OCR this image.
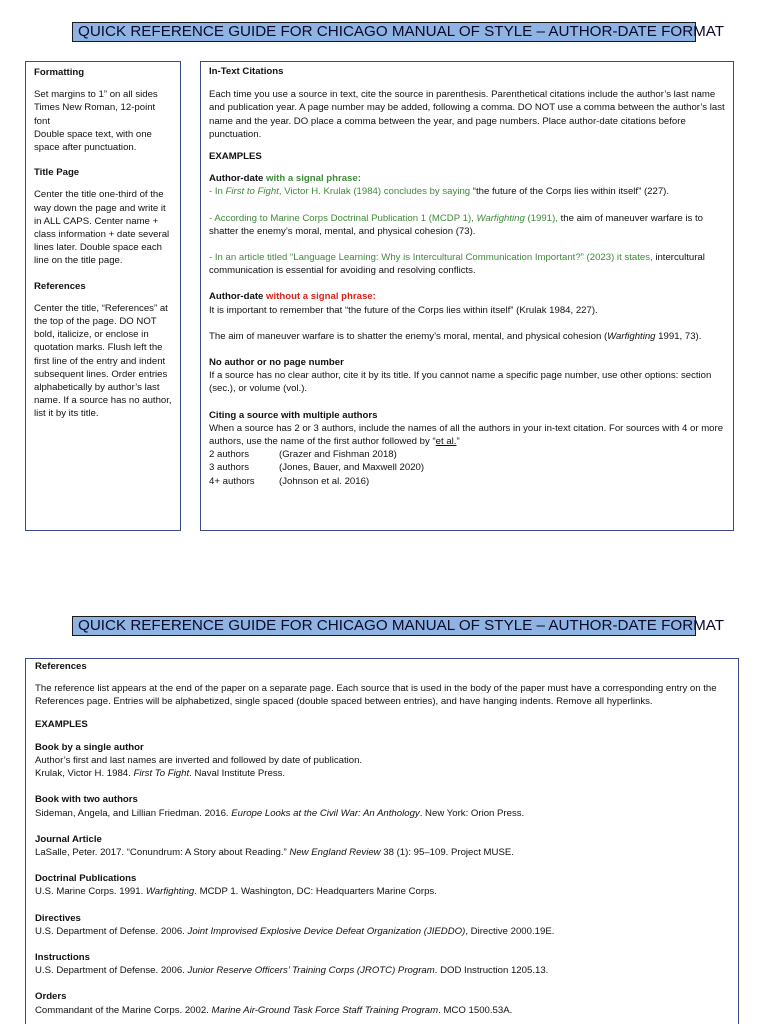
QUICK REFERENCE GUIDE FOR CHICAGO MANUAL OF STYLE – AUTHOR-DATE FORMAT
Formatting
Set margins to 1” on all sides
Times New Roman, 12-point font
Double space text, with one space after punctuation.
Title Page
Center the title one-third of the way down the page and write it in ALL CAPS. Center name + class information + date several lines later. Double space each line on the title page.
References
Center the title, “References” at the top of the page. DO NOT bold, italicize, or enclose in quotation marks. Flush left the first line of the entry and indent subsequent lines. Order entries alphabetically by author’s last name. If a source has no author, list it by its title.
In-Text Citations
Each time you use a source in text, cite the source in parenthesis. Parenthetical citations include the author’s last name and publication year. A page number may be added, following a comma. DO NOT use a comma between the author’s last name and the year. DO place a comma between the year, and page numbers. Place author-date citations before punctuation.
EXAMPLES
Author-date with a signal phrase:
- In First to Fight, Victor H. Krulak (1984) concludes by saying “the future of the Corps lies within itself” (227).
- According to Marine Corps Doctrinal Publication 1 (MCDP 1), Warfighting (1991), the aim of maneuver warfare is to shatter the enemy’s moral, mental, and physical cohesion (73).
- In an article titled “Language Learning: Why is Intercultural Communication Important?” (2023) it states, intercultural communication is essential for avoiding and resolving conflicts.
Author-date without a signal phrase:
It is important to remember that “the future of the Corps lies within itself” (Krulak 1984, 227).
The aim of maneuver warfare is to shatter the enemy’s moral, mental, and physical cohesion (Warfighting 1991, 73).
No author or no page number
If a source has no clear author, cite it by its title. If you cannot name a specific page number, use other options: section (sec.), or volume (vol.).
Citing a source with multiple authors
When a source has 2 or 3 authors, include the names of all the authors in your in-text citation. For sources with 4 or more authors, use the name of the first author followed by “et al.”
2 authors	(Grazer and Fishman 2018)
3 authors	(Jones, Bauer, and Maxwell 2020)
4+ authors	(Johnson et al. 2016)
QUICK REFERENCE GUIDE FOR CHICAGO MANUAL OF STYLE – AUTHOR-DATE FORMAT
References
The reference list appears at the end of the paper on a separate page. Each source that is used in the body of the paper must have a corresponding entry on the References page. Entries will be alphabetized, single spaced (double spaced between entries), and have hanging indents. Remove all hyperlinks.
EXAMPLES
Book by a single author
Author’s first and last names are inverted and followed by date of publication.
Krulak, Victor H. 1984. First To Fight. Naval Institute Press.
Book with two authors
Sideman, Angela, and Lillian Friedman. 2016. Europe Looks at the Civil War: An Anthology. New York: Orion Press.
Journal Article
LaSalle, Peter. 2017. “Conundrum: A Story about Reading.” New England Review 38 (1): 95–109. Project MUSE.
Doctrinal Publications
U.S. Marine Corps. 1991. Warfighting. MCDP 1. Washington, DC: Headquarters Marine Corps.
Directives
U.S. Department of Defense. 2006. Joint Improvised Explosive Device Defeat Organization (JIEDDO), Directive 2000.19E.
Instructions
U.S. Department of Defense. 2006. Junior Reserve Officers’ Training Corps (JROTC) Program. DOD Instruction 1205.13.
Orders
Commandant of the Marine Corps. 2002. Marine Air-Ground Task Force Staff Training Program. MCO 1500.53A.
